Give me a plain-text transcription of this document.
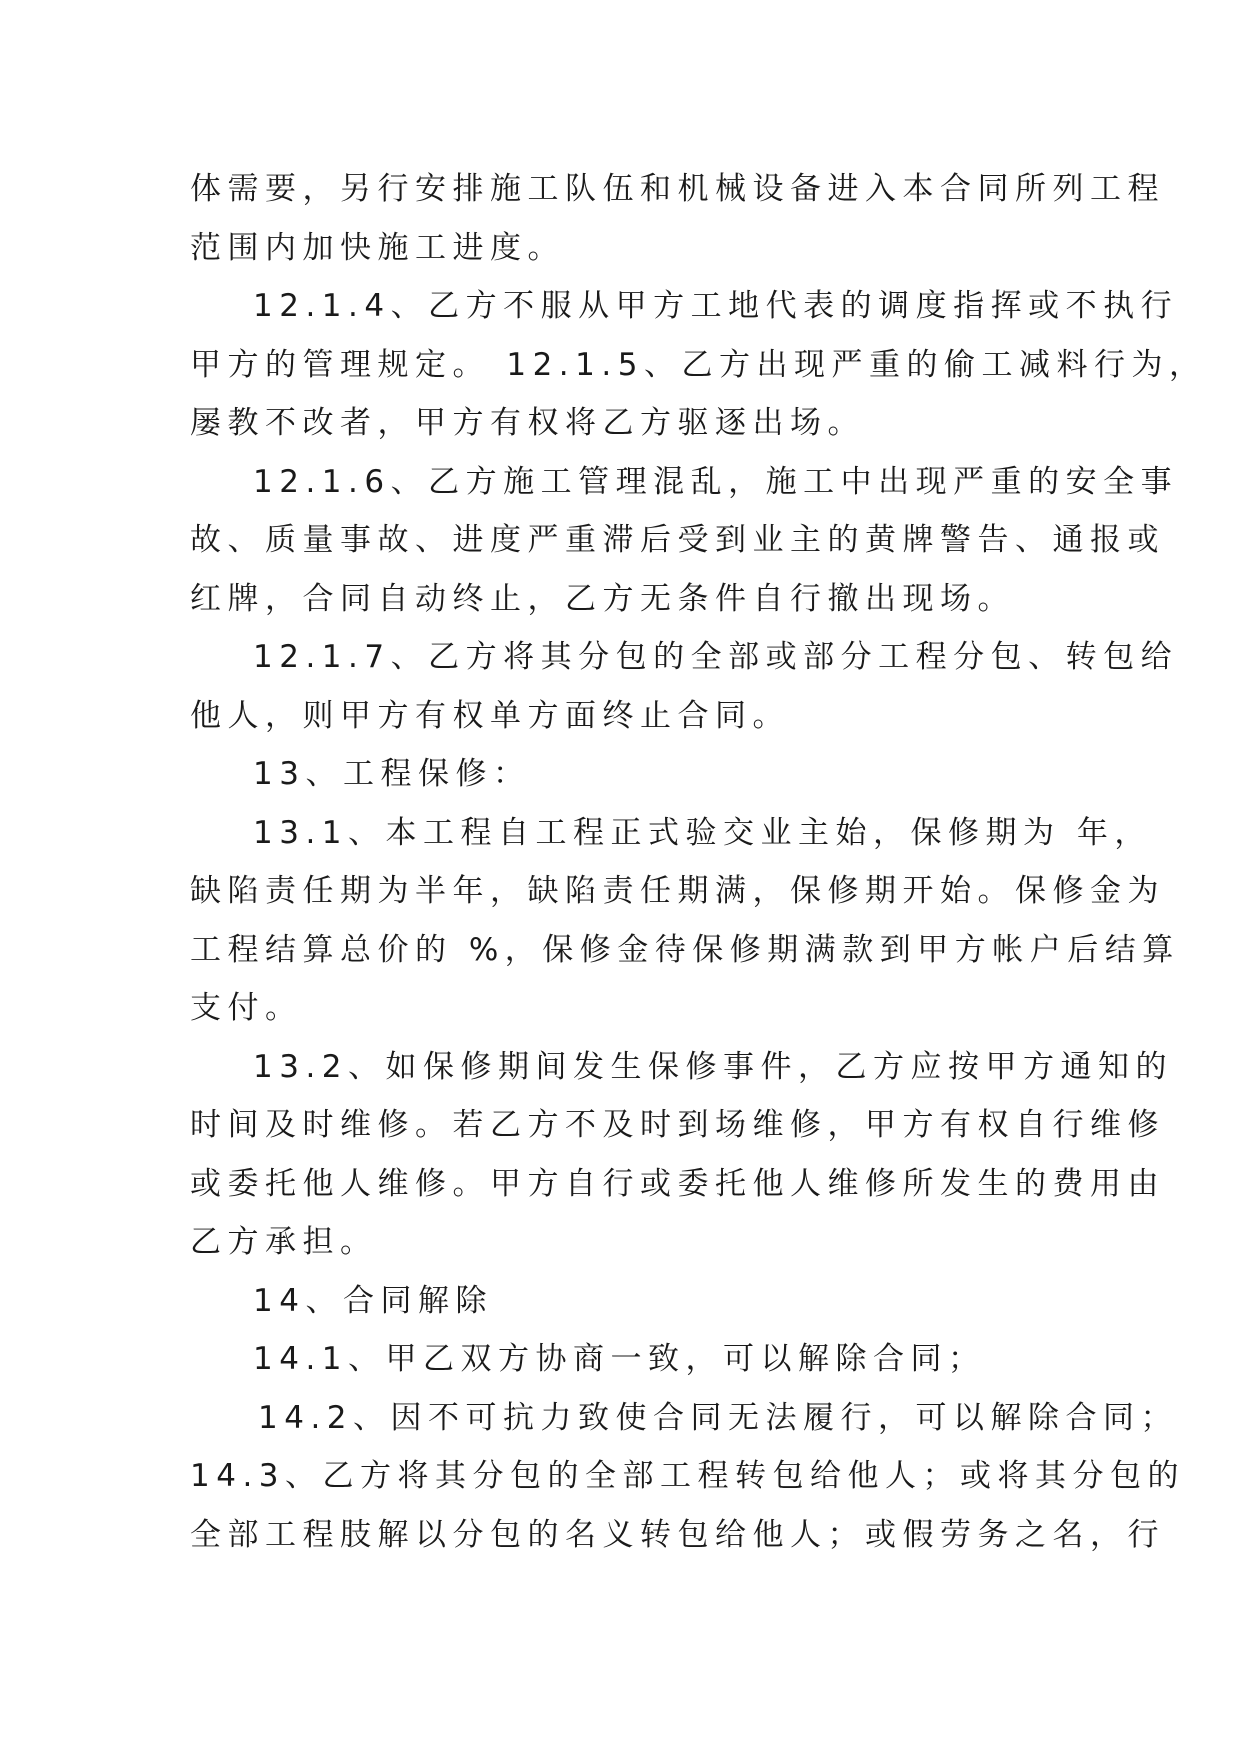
体需要，另行安排施工队伍和机械设备进入本合同所列工程
范围内加快施工进度。
12.1.4、乙方不服从甲方工地代表的调度指挥或不执行
甲方的管理规定。 12.1.5、乙方出现严重的偷工减料行为，
屡教不改者，甲方有权将乙方驱逐出场。
12.1.6、乙方施工管理混乱，施工中出现严重的安全事
故、质量事故、进度严重滞后受到业主的黄牌警告、通报或
红牌，合同自动终止，乙方无条件自行撤出现场。
12.1.7、乙方将其分包的全部或部分工程分包、转包给
他人，则甲方有权单方面终止合同。
13、工程保修：
13.1、本工程自工程正式验交业主始，保修期为 年，
缺陷责任期为半年，缺陷责任期满，保修期开始。保修金为
工程结算总价的 %，保修金待保修期满款到甲方帐户后结算
支付。
13.2、如保修期间发生保修事件，乙方应按甲方通知的
时间及时维修。若乙方不及时到场维修，甲方有权自行维修
或委托他人维修。甲方自行或委托他人维修所发生的费用由
乙方承担。
14、合同解除
14.1、甲乙双方协商一致，可以解除合同；
14.2、因不可抗力致使合同无法履行，可以解除合同；
14.3、乙方将其分包的全部工程转包给他人；或将其分包的
全部工程肢解以分包的名义转包给他人；或假劳务之名，行
